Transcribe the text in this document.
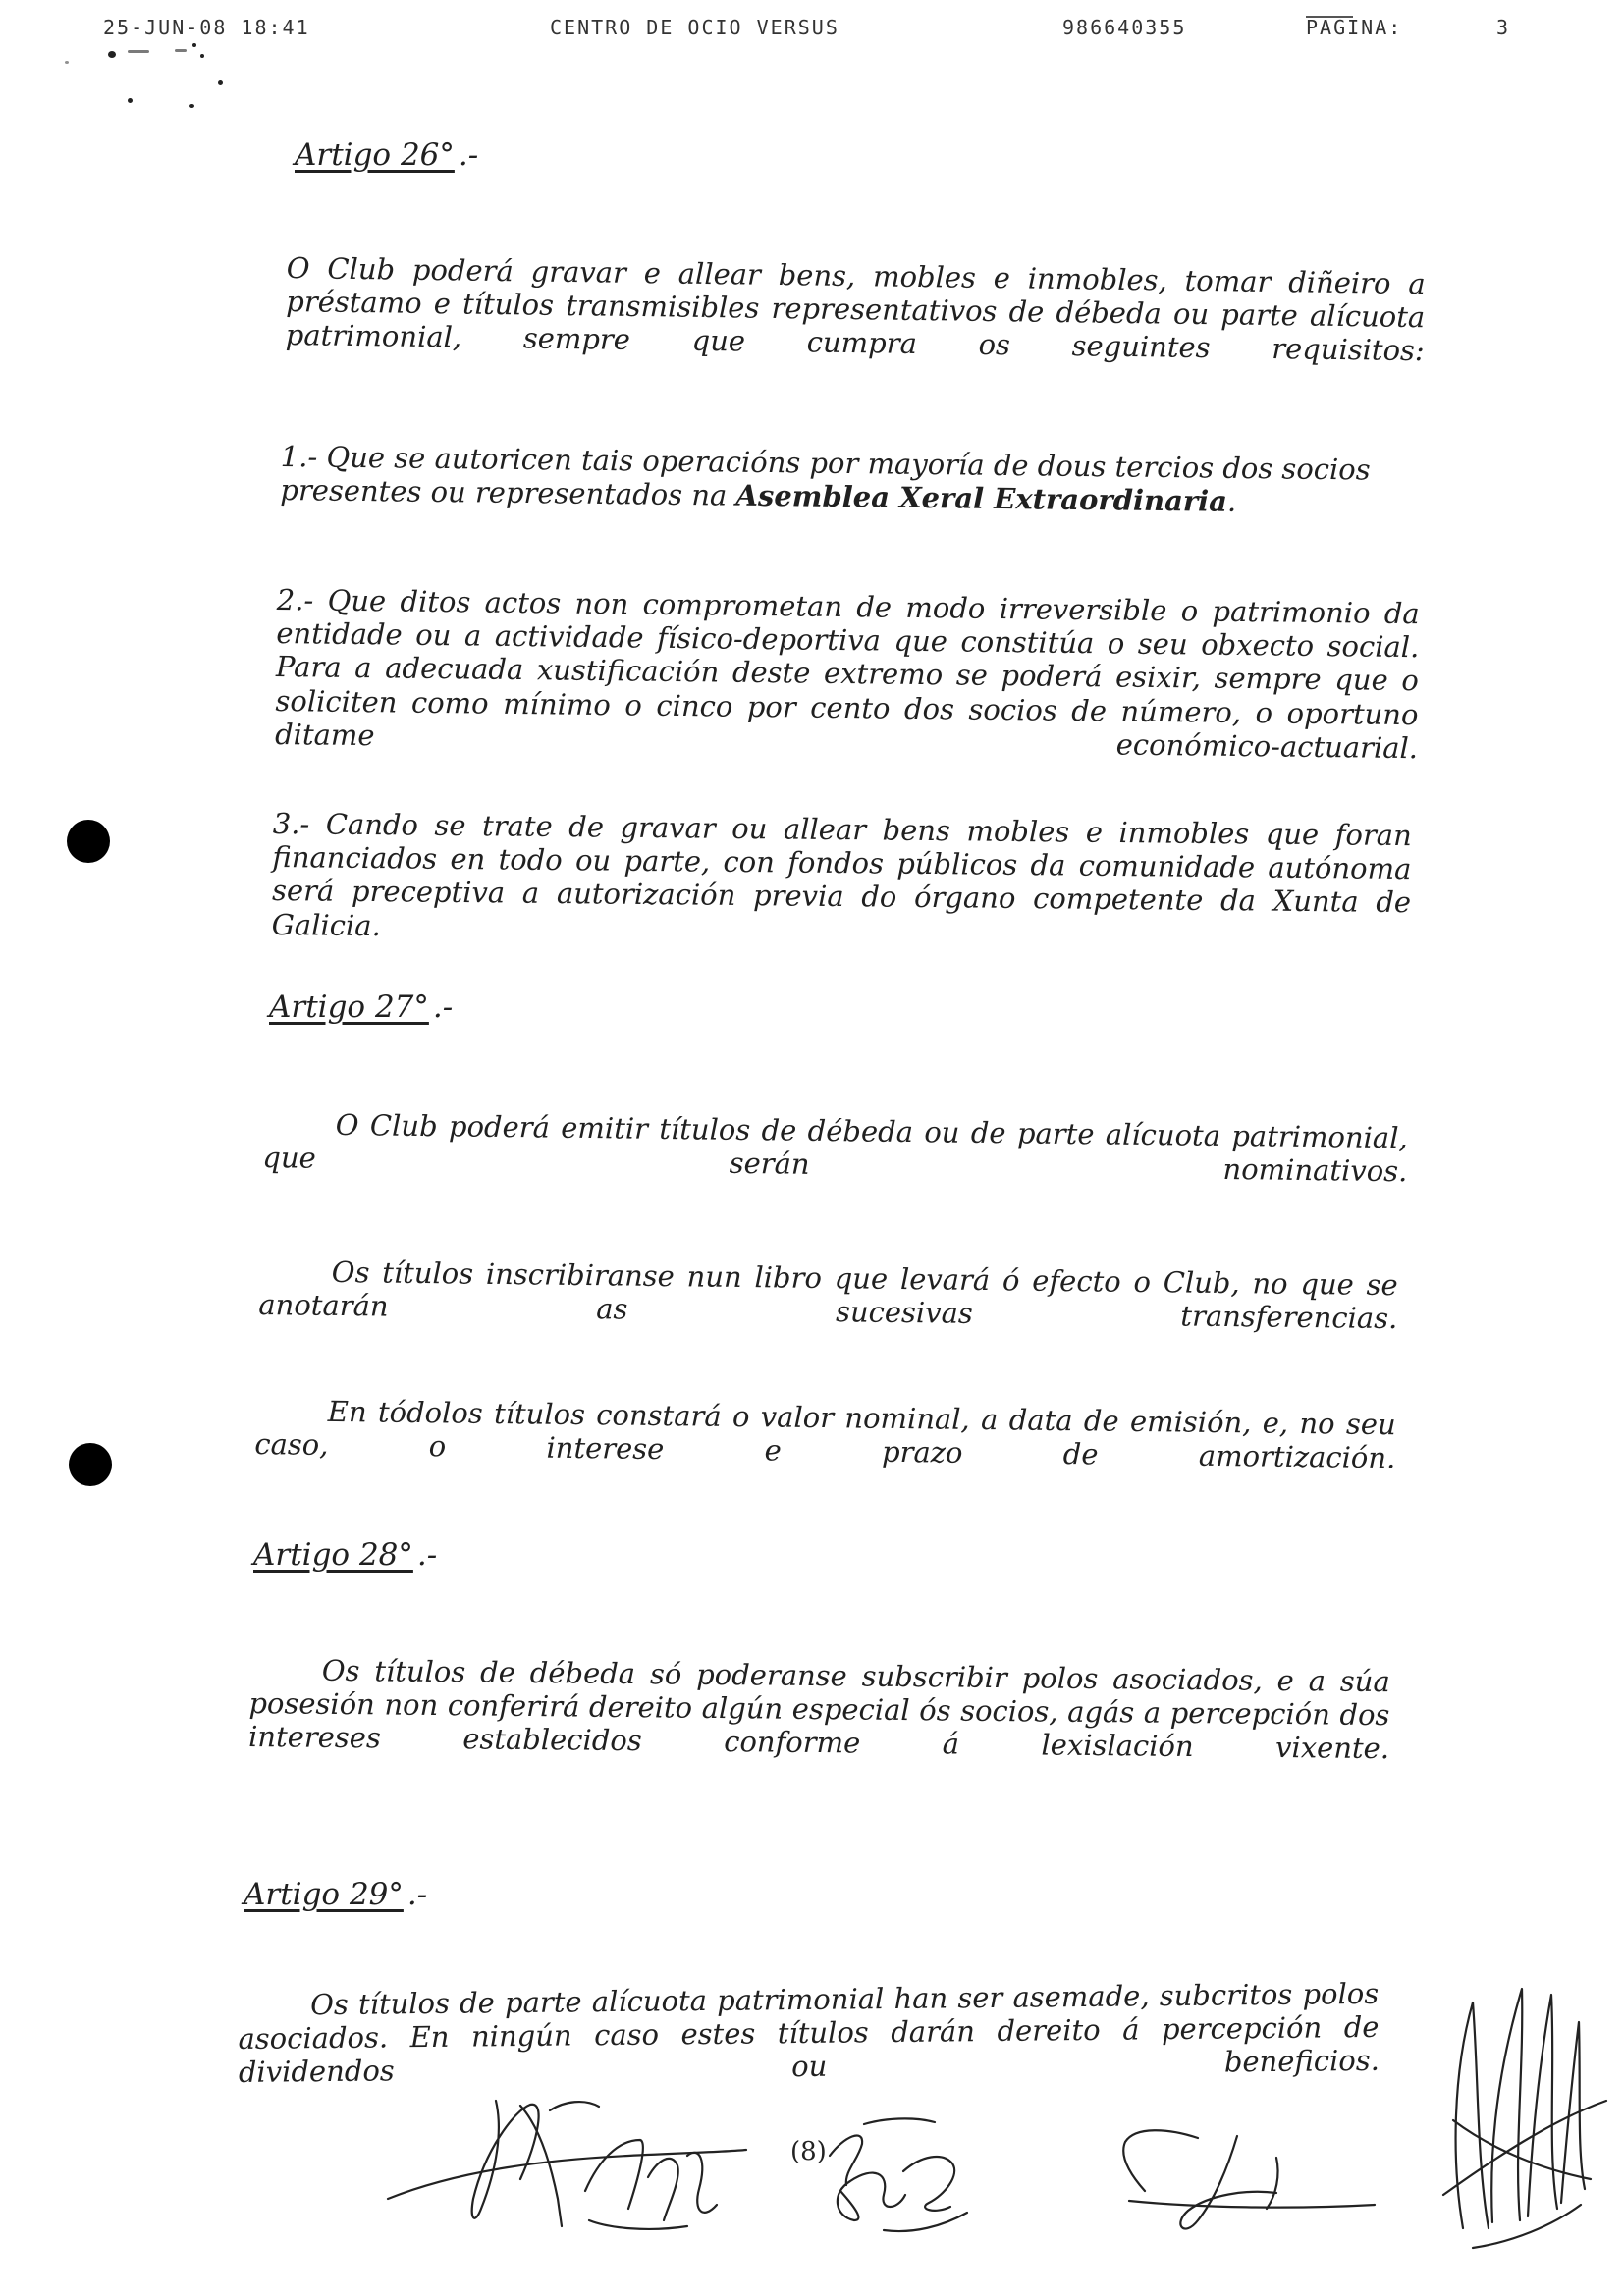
25-JUN-08 18:41	CENTRO DE OCIO VERSUS	986640355	PAGINA:	3
Artigo 26° .-
O Club poderá gravar e allear bens, mobles e inmobles, tomar diñeiro a préstamo e títulos transmisibles representativos de débeda ou parte alícuota patrimonial, sempre que cumpra os seguintes requisitos:
1.- Que se autoricen tais operacións por mayoría de dous tercios dos socios presentes ou representados na Asemblea Xeral Extraordinaria.
2.- Que ditos actos non comprometan de modo irreversible o patrimonio da entidade ou a actividade físico-deportiva que constitúa o seu obxecto social. Para a adecuada xustificación deste extremo se poderá esixir, sempre que o soliciten como mínimo o cinco por cento dos socios de número, o oportuno ditame económico-actuarial.
3.- Cando se trate de gravar ou allear bens mobles e inmobles que foran financiados en todo ou parte, con fondos públicos da comunidade autónoma será preceptiva a autorización previa do órgano competente da Xunta de Galicia.
Artigo 27° .-
O Club poderá emitir títulos de débeda ou de parte alícuota patrimonial, que serán nominativos.
Os títulos inscribiranse nun libro que levará ó efecto o Club, no que se anotarán as sucesivas transferencias.
En tódolos títulos constará o valor nominal, a data de emisión, e, no seu caso, o interese e prazo de amortización.
Artigo 28° .-
Os títulos de débeda só poderanse subscribir polos asociados, e a súa posesión non conferirá dereito algún especial ós socios, agás a percepción dos intereses establecidos conforme á lexislación vixente.
Artigo 29° .-
Os títulos de parte alícuota patrimonial han ser asemade, subcritos polos asociados. En ningún caso estes títulos darán dereito á percepción de dividendos ou beneficios.
(8)
